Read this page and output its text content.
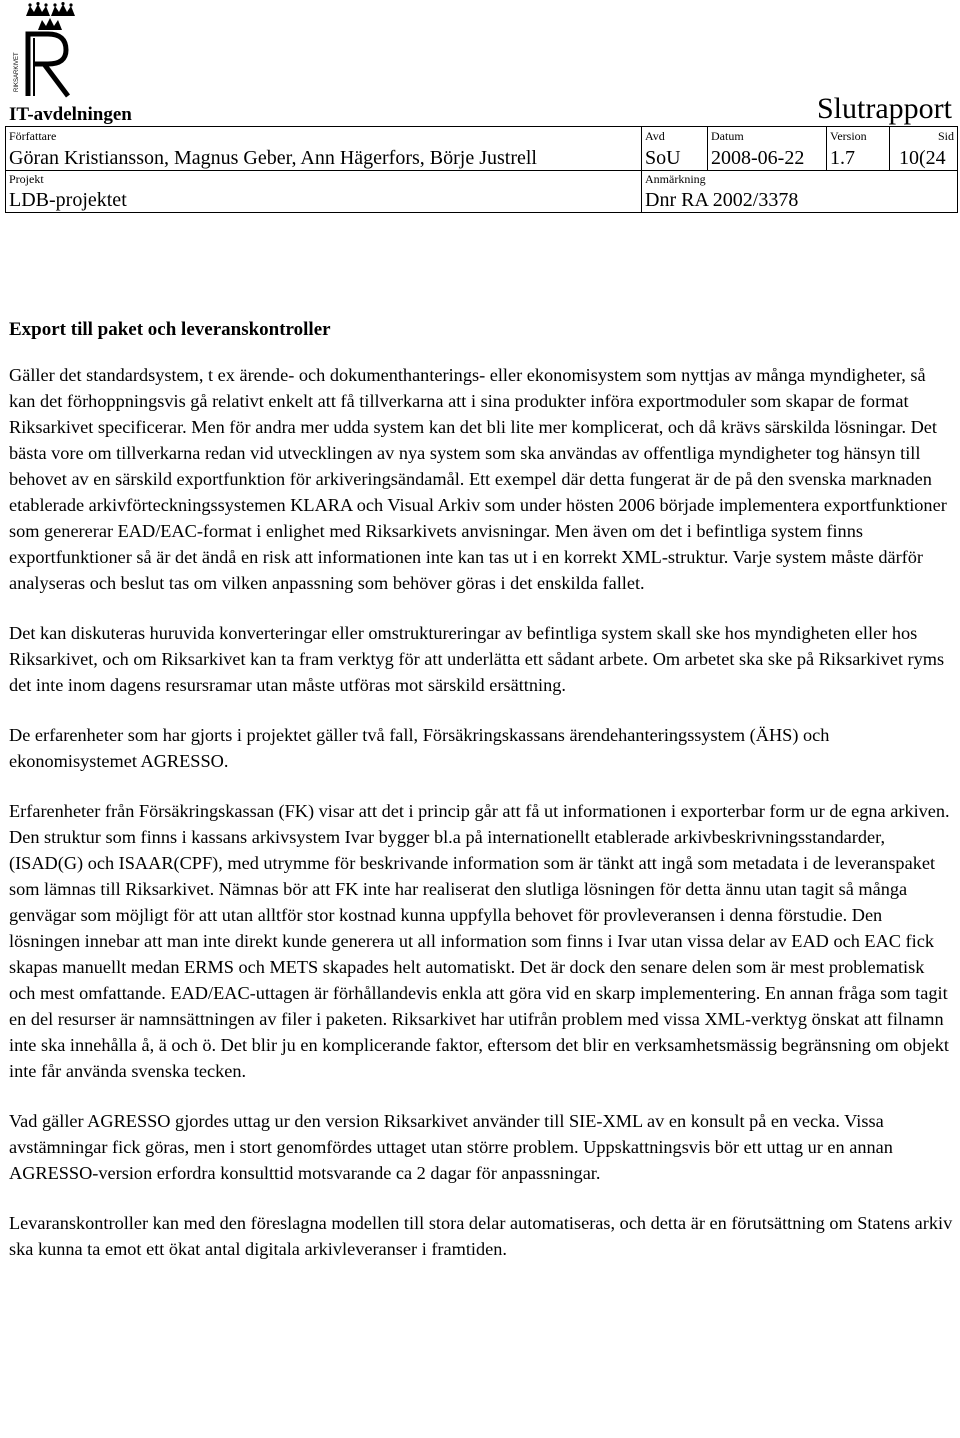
RIKSARKIVET
IT-avdelningen	Slutrapport
Författare
Göran Kristiansson, Magnus Geber, Ann Hägerfors, Börje Justrell
Avd
SoU
Datum
2008-06-22
Version
1.7
Sid
10(24
Projekt
LDB-projektet
Anmärkning
Dnr RA 2002/3378
Export till paket och leveranskontroller

Gäller det standardsystem, t ex ärende- och dokumenthanterings- eller ekonomisystem som nyttjas av många myndigheter, så kan det förhoppningsvis gå relativt enkelt att få tillverkarna att i sina produkter införa exportmoduler som skapar de format Riksarkivet specificerar. Men för andra mer udda system kan det bli lite mer komplicerat, och då krävs särskilda lösningar. Det bästa vore om tillverkarna redan vid utvecklingen av nya system som ska användas av offentliga myndigheter tog hänsyn till behovet av en särskild exportfunktion för arkiveringsändamål. Ett exempel där detta fungerat är de på den svenska marknaden etablerade arkivförteckningssystemen KLARA och Visual Arkiv som under hösten 2006 började implementera exportfunktioner som genererar EAD/EAC-format i enlighet med Riksarkivets anvisningar. Men även om det i befintliga system finns exportfunktioner så är det ändå en risk att informationen inte kan tas ut i en korrekt XML-struktur. Varje system måste därför analyseras och beslut tas om vilken anpassning som behöver göras i det enskilda fallet.

Det kan diskuteras huruvida konverteringar eller omstruktureringar av befintliga system skall ske hos myndigheten eller hos Riksarkivet, och om Riksarkivet kan ta fram verktyg för att underlätta ett sådant arbete. Om arbetet ska ske på Riksarkivet ryms det inte inom dagens resursramar utan måste utföras mot särskild ersättning.

De erfarenheter som har gjorts i projektet gäller två fall, Försäkringskassans ärendehanteringssystem (ÄHS) och ekonomisystemet AGRESSO.

Erfarenheter från Försäkringskassan (FK) visar att det i princip går att få ut informationen i exporterbar form ur de egna arkiven. Den struktur som finns i kassans arkivsystem Ivar bygger bl.a på internationellt etablerade arkivbeskrivningsstandarder, (ISAD(G) och ISAAR(CPF), med utrymme för beskrivande information som är tänkt att ingå som metadata i de leveranspaket som lämnas till Riksarkivet. Nämnas bör att FK inte har realiserat den slutliga lösningen för detta ännu utan tagit så många genvägar som möjligt för att utan alltför stor kostnad kunna uppfylla behovet för provleveransen i denna förstudie. Den lösningen innebar att man inte direkt kunde generera ut all information som finns i Ivar utan vissa delar av EAD och EAC fick skapas manuellt medan ERMS och METS skapades helt automatiskt. Det är dock den senare delen som är mest problematisk och mest omfattande. EAD/EAC-uttagen är förhållandevis enkla att göra vid en skarp implementering. En annan fråga som tagit en del resurser är namnsättningen av filer i paketen. Riksarkivet har utifrån problem med vissa XML-verktyg önskat att filnamn inte ska innehålla å, ä och ö. Det blir ju en komplicerande faktor, eftersom det blir en verksamhetsmässig begränsning om objekt inte får använda svenska tecken.

Vad gäller AGRESSO gjordes uttag ur den version Riksarkivet använder till SIE-XML av en konsult på en vecka. Vissa avstämningar fick göras, men i stort genomfördes uttaget utan större problem. Uppskattningsvis bör ett uttag ur en annan AGRESSO-version erfordra konsulttid motsvarande ca 2 dagar för anpassningar.

Levaranskontroller kan med den föreslagna modellen till stora delar automatiseras, och detta är en förutsättning om Statens arkiv ska kunna ta emot ett ökat antal digitala arkivleveranser i framtiden.
